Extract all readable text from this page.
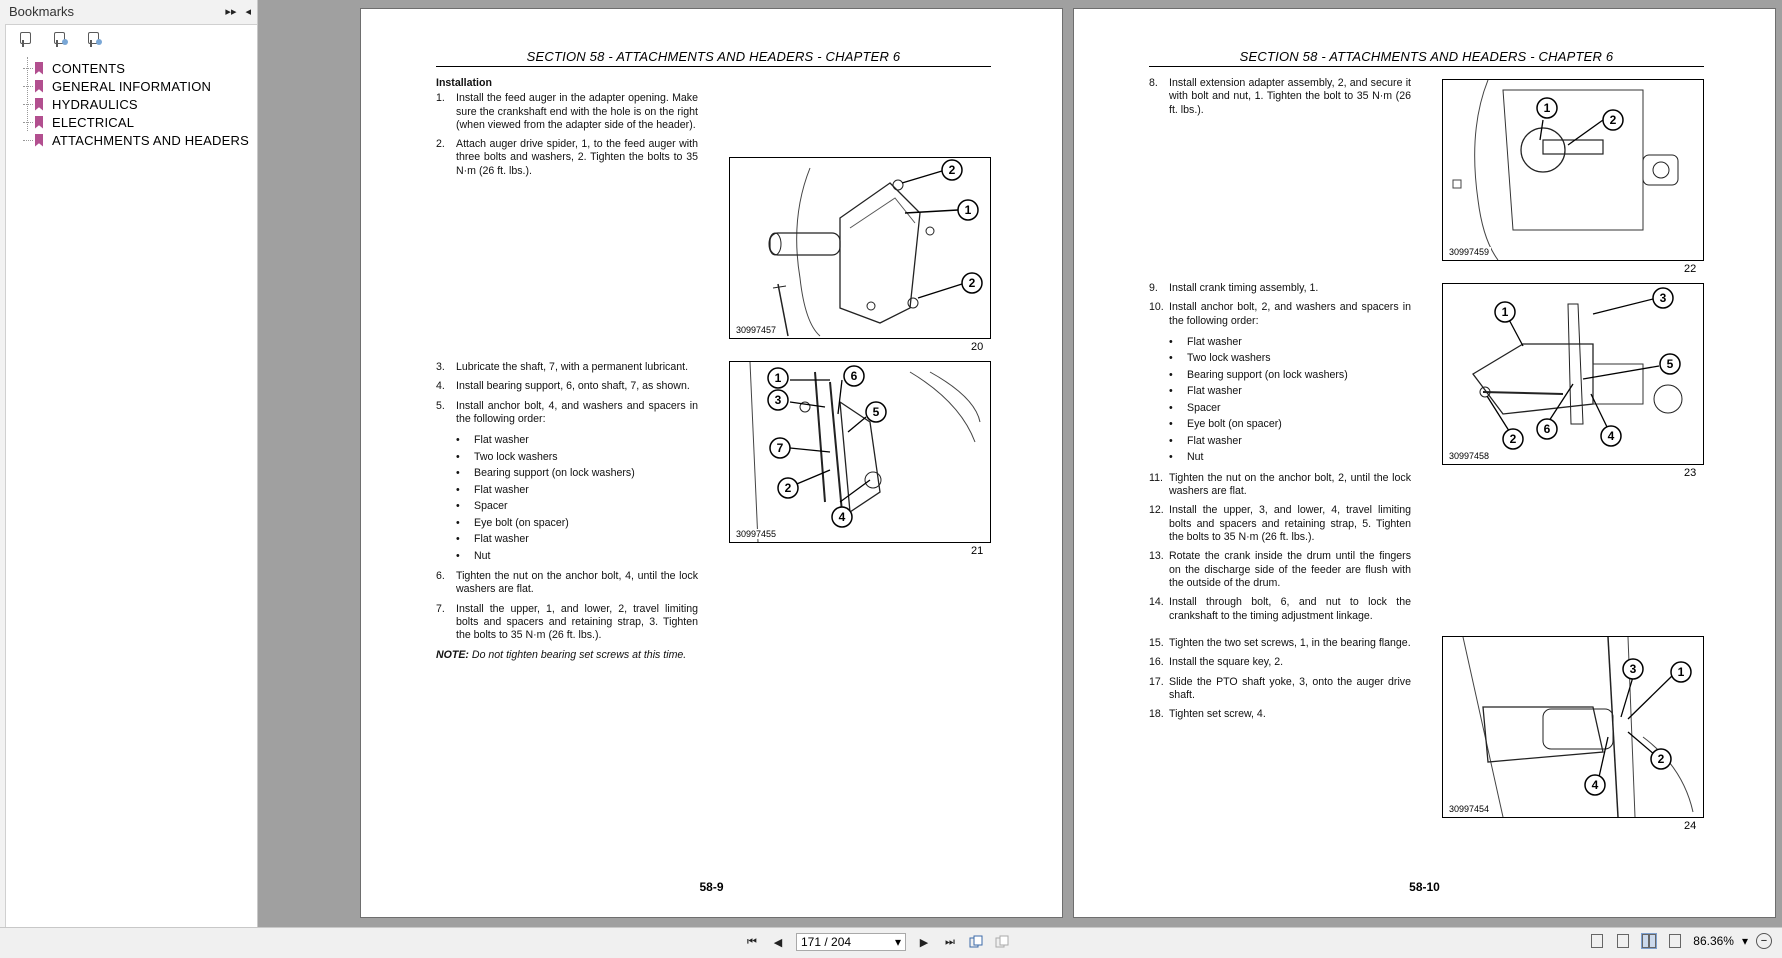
Bookmarks	▸▸ ◂
CONTENTS
GENERAL INFORMATION
HYDRAULICS
ELECTRICAL
ATTACHMENTS AND HEADERS
SECTION 58 - ATTACHMENTS AND HEADERS - CHAPTER 6
Installation
1.	Install the feed auger in the adapter opening. Make sure the crankshaft end with the hole is on the right (when viewed from the adapter side of the header).
2.	Attach auger drive spider, 1, to the feed auger with three bolts and washers, 2. Tighten the bolts to 35 N·m (26 ft. lbs.).
3.	Lubricate the shaft, 7, with a permanent lubricant.
4.	Install bearing support, 6, onto shaft, 7, as shown.
5.	Install anchor bolt, 4, and washers and spacers in the following order:
• Flat washer
• Two lock washers
• Bearing support (on lock washers)
• Flat washer
• Spacer
• Eye bolt (on spacer)
• Flat washer
• Nut
6.	Tighten the nut on the anchor bolt, 4, until the lock washers are flat.
7.	Install the upper, 1, and lower, 2, travel limiting bolts and spacers and retaining strap, 3. Tighten the bolts to 35 N·m (26 ft. lbs.).
NOTE: Do not tighten bearing set screws at this time.
2
1
2
30997457
20
1	6
3
5
7
2
4
30997455
21
58-9
SECTION 58 - ATTACHMENTS AND HEADERS - CHAPTER 6
8.	Install extension adapter assembly, 2, and secure it with bolt and nut, 1. Tighten the bolt to 35 N·m (26 ft. lbs.).
9.	Install crank timing assembly, 1.
10. Install anchor bolt, 2, and washers and spacers in the following order:
• Flat washer
• Two lock washers
• Bearing support (on lock washers)
• Flat washer
• Spacer
• Eye bolt (on spacer)
• Flat washer
• Nut
11. Tighten the nut on the anchor bolt, 2, until the lock washers are flat.
12. Install the upper, 3, and lower, 4, travel limiting bolts and spacers and retaining strap, 5. Tighten the bolts to 35 N·m (26 ft. lbs.).
13. Rotate the crank inside the drum until the fingers on the discharge side of the feeder are flush with the outside of the drum.
14. Install through bolt, 6, and nut to lock the crankshaft to the timing adjustment linkage.
15. Tighten the two set screws, 1, in the bearing flange.
16. Install the square key, 2.
17. Slide the PTO shaft yoke, 3, onto the auger drive shaft.
18. Tighten set screw, 4.
1
2
30997459
22
1
3
5
2
6	4
30997458
23
3	1
2
4
30997454
24
58-10
⏮	◀	171 / 204	▾	▶	⏭	86.36% ▾	−
